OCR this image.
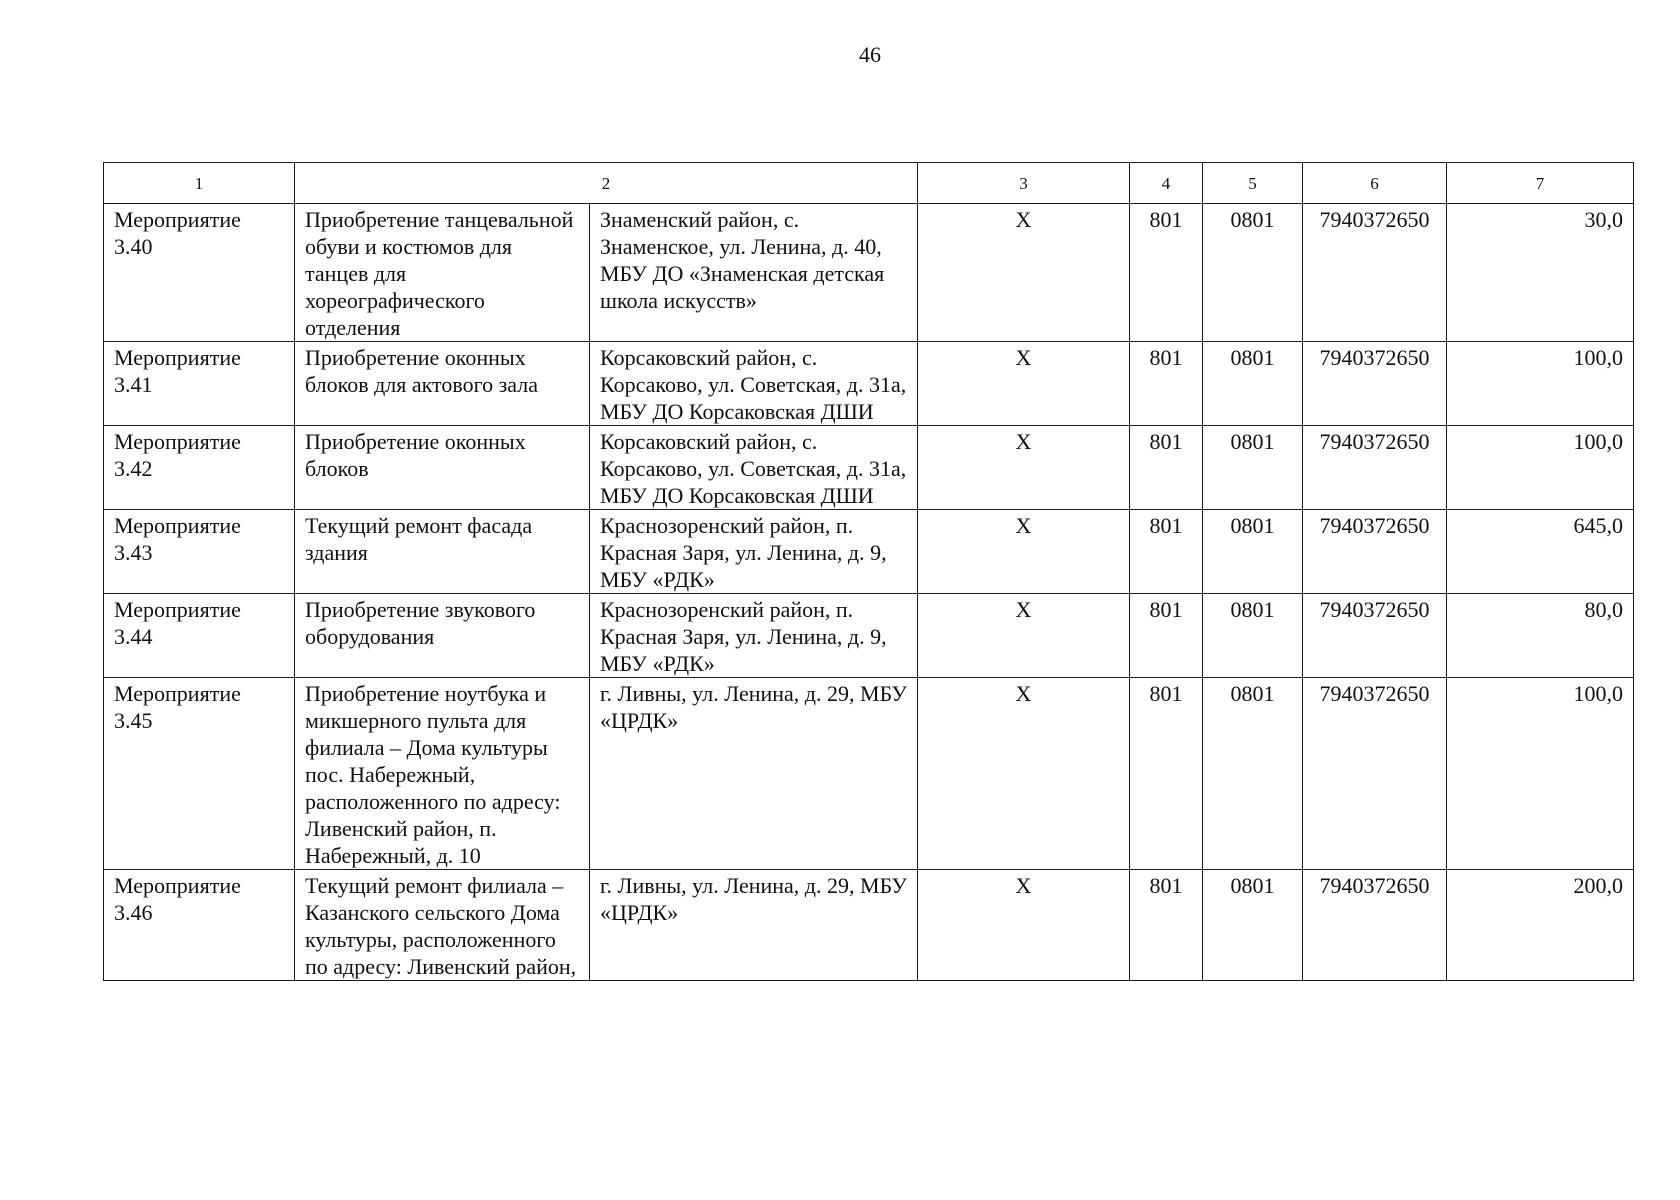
46
1	2		3	4	5	6	7
Мероприятие 3.40	Приобретение танцевальной обуви и костюмов для танцев для хореографического отделения	Знаменский район, с. Знаменское, ул. Ленина, д. 40, МБУ ДО «Знаменская детская школа искусств»	Х	801	0801	7940372650	30,0
Мероприятие 3.41	Приобретение оконных блоков для актового зала	Корсаковский район, с. Корсаково, ул. Советская, д. 31а, МБУ ДО Корсаковская ДШИ	Х	801	0801	7940372650	100,0
Мероприятие 3.42	Приобретение оконных блоков	Корсаковский район, с. Корсаково, ул. Советская, д. 31а, МБУ ДО Корсаковская ДШИ	Х	801	0801	7940372650	100,0
Мероприятие 3.43	Текущий ремонт фасада здания	Краснозоренский район, п. Красная Заря, ул. Ленина, д. 9, МБУ «РДК»	Х	801	0801	7940372650	645,0
Мероприятие 3.44	Приобретение звукового оборудования	Краснозоренский район, п. Красная Заря, ул. Ленина, д. 9, МБУ «РДК»	Х	801	0801	7940372650	80,0
Мероприятие 3.45	Приобретение ноутбука и микшерного пульта для филиала – Дома культуры пос. Набережный, расположенного по адресу: Ливенский район, п. Набережный, д. 10	г. Ливны, ул. Ленина, д. 29, МБУ «ЦРДК»	Х	801	0801	7940372650	100,0
Мероприятие 3.46	Текущий ремонт филиала – Казанского сельского Дома культуры, расположенного по адресу: Ливенский район,	г. Ливны, ул. Ленина, д. 29, МБУ «ЦРДК»	Х	801	0801	7940372650	200,0
